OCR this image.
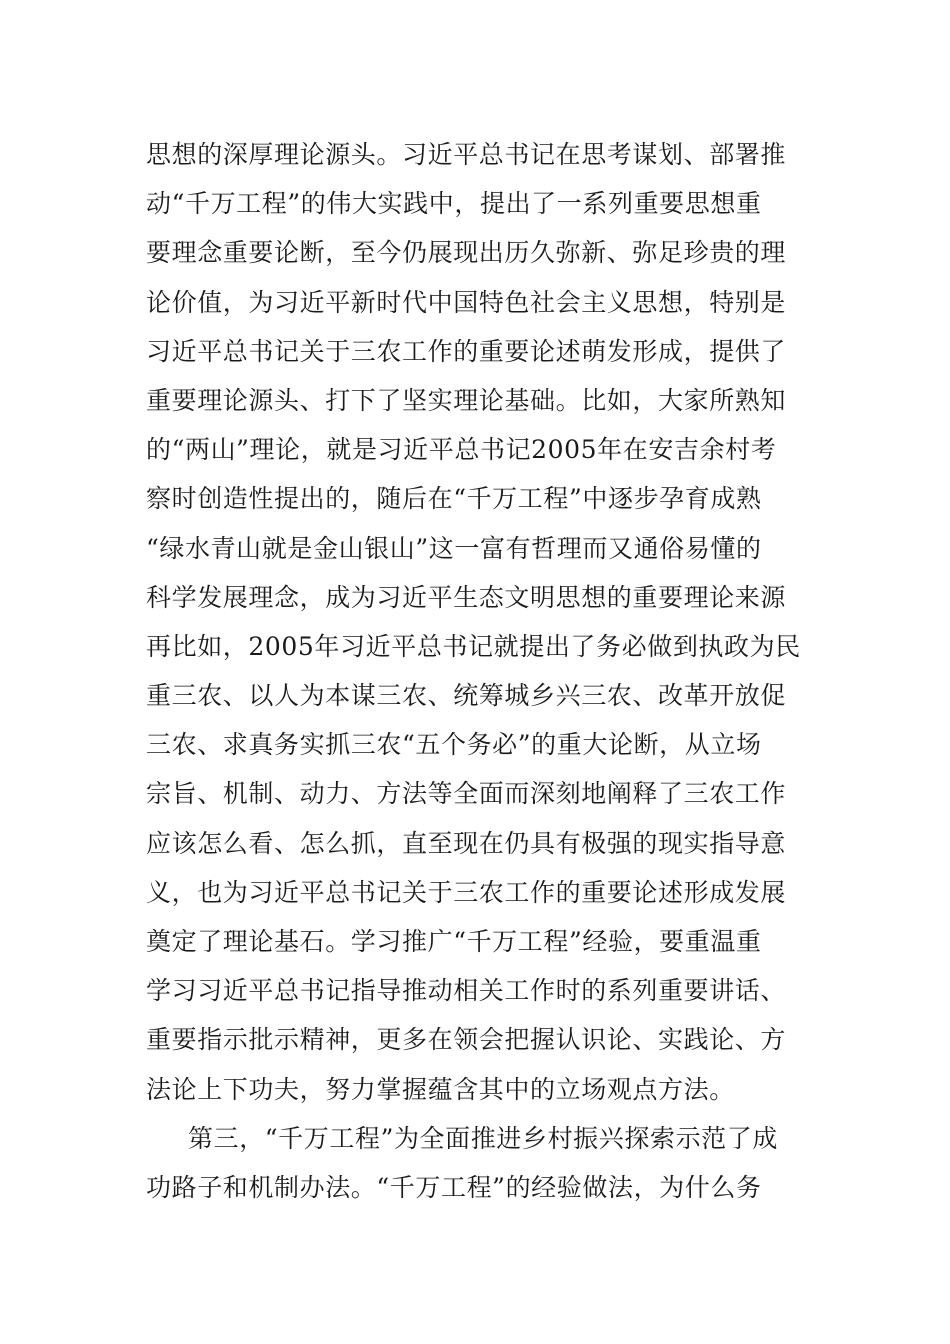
思想的深厚理论源头。习近平总书记在思考谋划、部署推
动“千万工程”的伟大实践中，提出了一系列重要思想重
要理念重要论断，至今仍展现出历久弥新、弥足珍贵的理
论价值，为习近平新时代中国特色社会主义思想，特别是
习近平总书记关于三农工作的重要论述萌发形成，提供了
重要理论源头、打下了坚实理论基础。比如，大家所熟知
的“两山”理论，就是习近平总书记2005年在安吉余村考
察时创造性提出的，随后在“千万工程”中逐步孕育成熟
“绿水青山就是金山银山”这一富有哲理而又通俗易懂的
科学发展理念，成为习近平生态文明思想的重要理论来源
再比如，2005年习近平总书记就提出了务必做到执政为民
重三农、以人为本谋三农、统筹城乡兴三农、改革开放促
三农、求真务实抓三农“五个务必”的重大论断，从立场
宗旨、机制、动力、方法等全面而深刻地阐释了三农工作
应该怎么看、怎么抓，直至现在仍具有极强的现实指导意
义，也为习近平总书记关于三农工作的重要论述形成发展
奠定了理论基石。学习推广“千万工程”经验，要重温重
学习习近平总书记指导推动相关工作时的系列重要讲话、
重要指示批示精神，更多在领会把握认识论、实践论、方
法论上下功夫，努力掌握蕴含其中的立场观点方法。
第三，“千万工程”为全面推进乡村振兴探索示范了成
功路子和机制办法。“千万工程”的经验做法，为什么务
